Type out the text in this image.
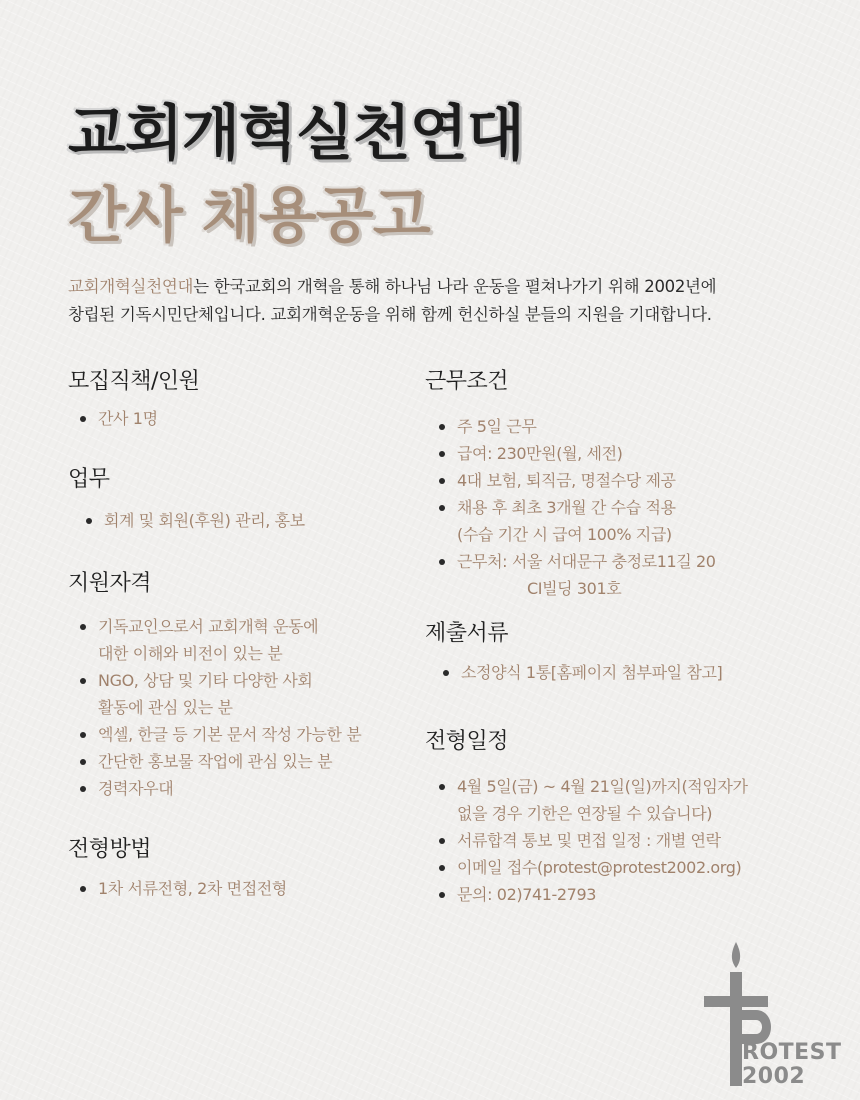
교회개혁실천연대
간사 채용공고
교회개혁실천연대는 한국교회의 개혁을 통해 하나님 나라 운동을 펼쳐나가기 위해 2002년에
창립된 기독시민단체입니다. 교회개혁운동을 위해 함께 헌신하실 분들의 지원을 기대합니다.
모집직책/인원
간사 1명
업무
회계 및 회원(후원) 관리, 홍보
지원자격
기독교인으로서 교회개혁 운동에
대한 이해와 비전이 있는 분
NGO, 상담 및 기타 다양한 사회
활동에 관심 있는 분
엑셀, 한글 등 기본 문서 작성 가능한 분
간단한 홍보물 작업에 관심 있는 분
경력자우대
전형방법
1차 서류전형, 2차 면접전형
근무조건
주 5일 근무
급여: 230만원(월, 세전)
4대 보험, 퇴직금, 명절수당 제공
채용 후 최초 3개월 간 수습 적용
(수습 기간 시 급여 100% 지급)
근무처: 서울 서대문구 충정로11길 20
CI빌딩 301호
제출서류
소정양식 1통[홈페이지 첨부파일 참고]
전형일정
4월 5일(금) ~ 4월 21일(일)까지(적임자가
없을 경우 기한은 연장될 수 있습니다)
서류합격 통보 및 면접 일정 : 개별 연락
이메일 접수(protest@protest2002.org)
문의: 02)741-2793
ROTEST
2002
